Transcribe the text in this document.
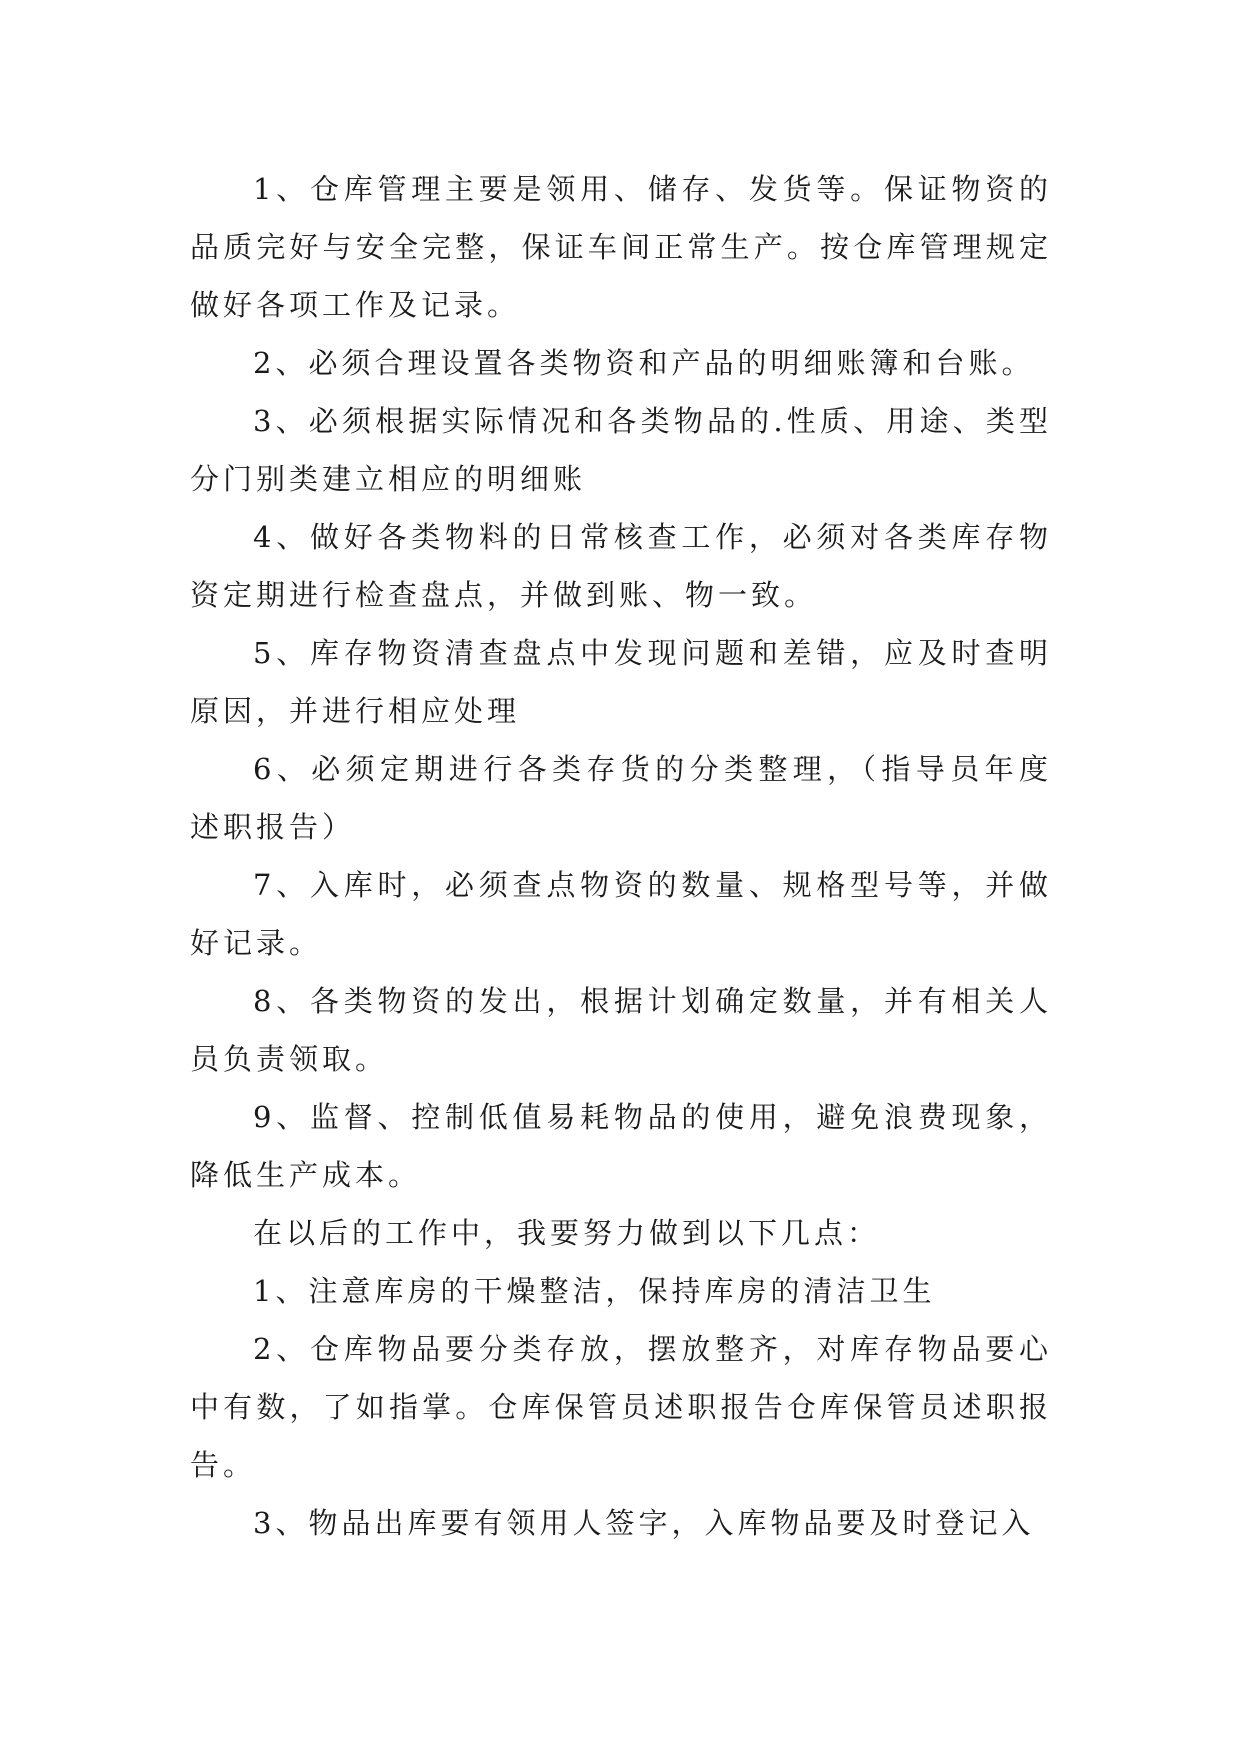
1、仓库管理主要是领用、储存、发货等。保证物资的品质完好与安全完整，保证车间正常生产。按仓库管理规定做好各项工作及记录。

2、必须合理设置各类物资和产品的明细账簿和台账。

3、必须根据实际情况和各类物品的.性质、用途、类型分门别类建立相应的明细账

4、做好各类物料的日常核查工作，必须对各类库存物资定期进行检查盘点，并做到账、物一致。

5、库存物资清查盘点中发现问题和差错，应及时查明原因，并进行相应处理

6、必须定期进行各类存货的分类整理，（指导员年度述职报告）

7、入库时，必须查点物资的数量、规格型号等，并做好记录。

8、各类物资的发出，根据计划确定数量，并有相关人员负责领取。

9、监督、控制低值易耗物品的使用，避免浪费现象，降低生产成本。

在以后的工作中，我要努力做到以下几点：

1、注意库房的干燥整洁，保持库房的清洁卫生

2、仓库物品要分类存放，摆放整齐，对库存物品要心中有数，了如指掌。仓库保管员述职报告仓库保管员述职报告。

3、物品出库要有领用人签字，入库物品要及时登记入
